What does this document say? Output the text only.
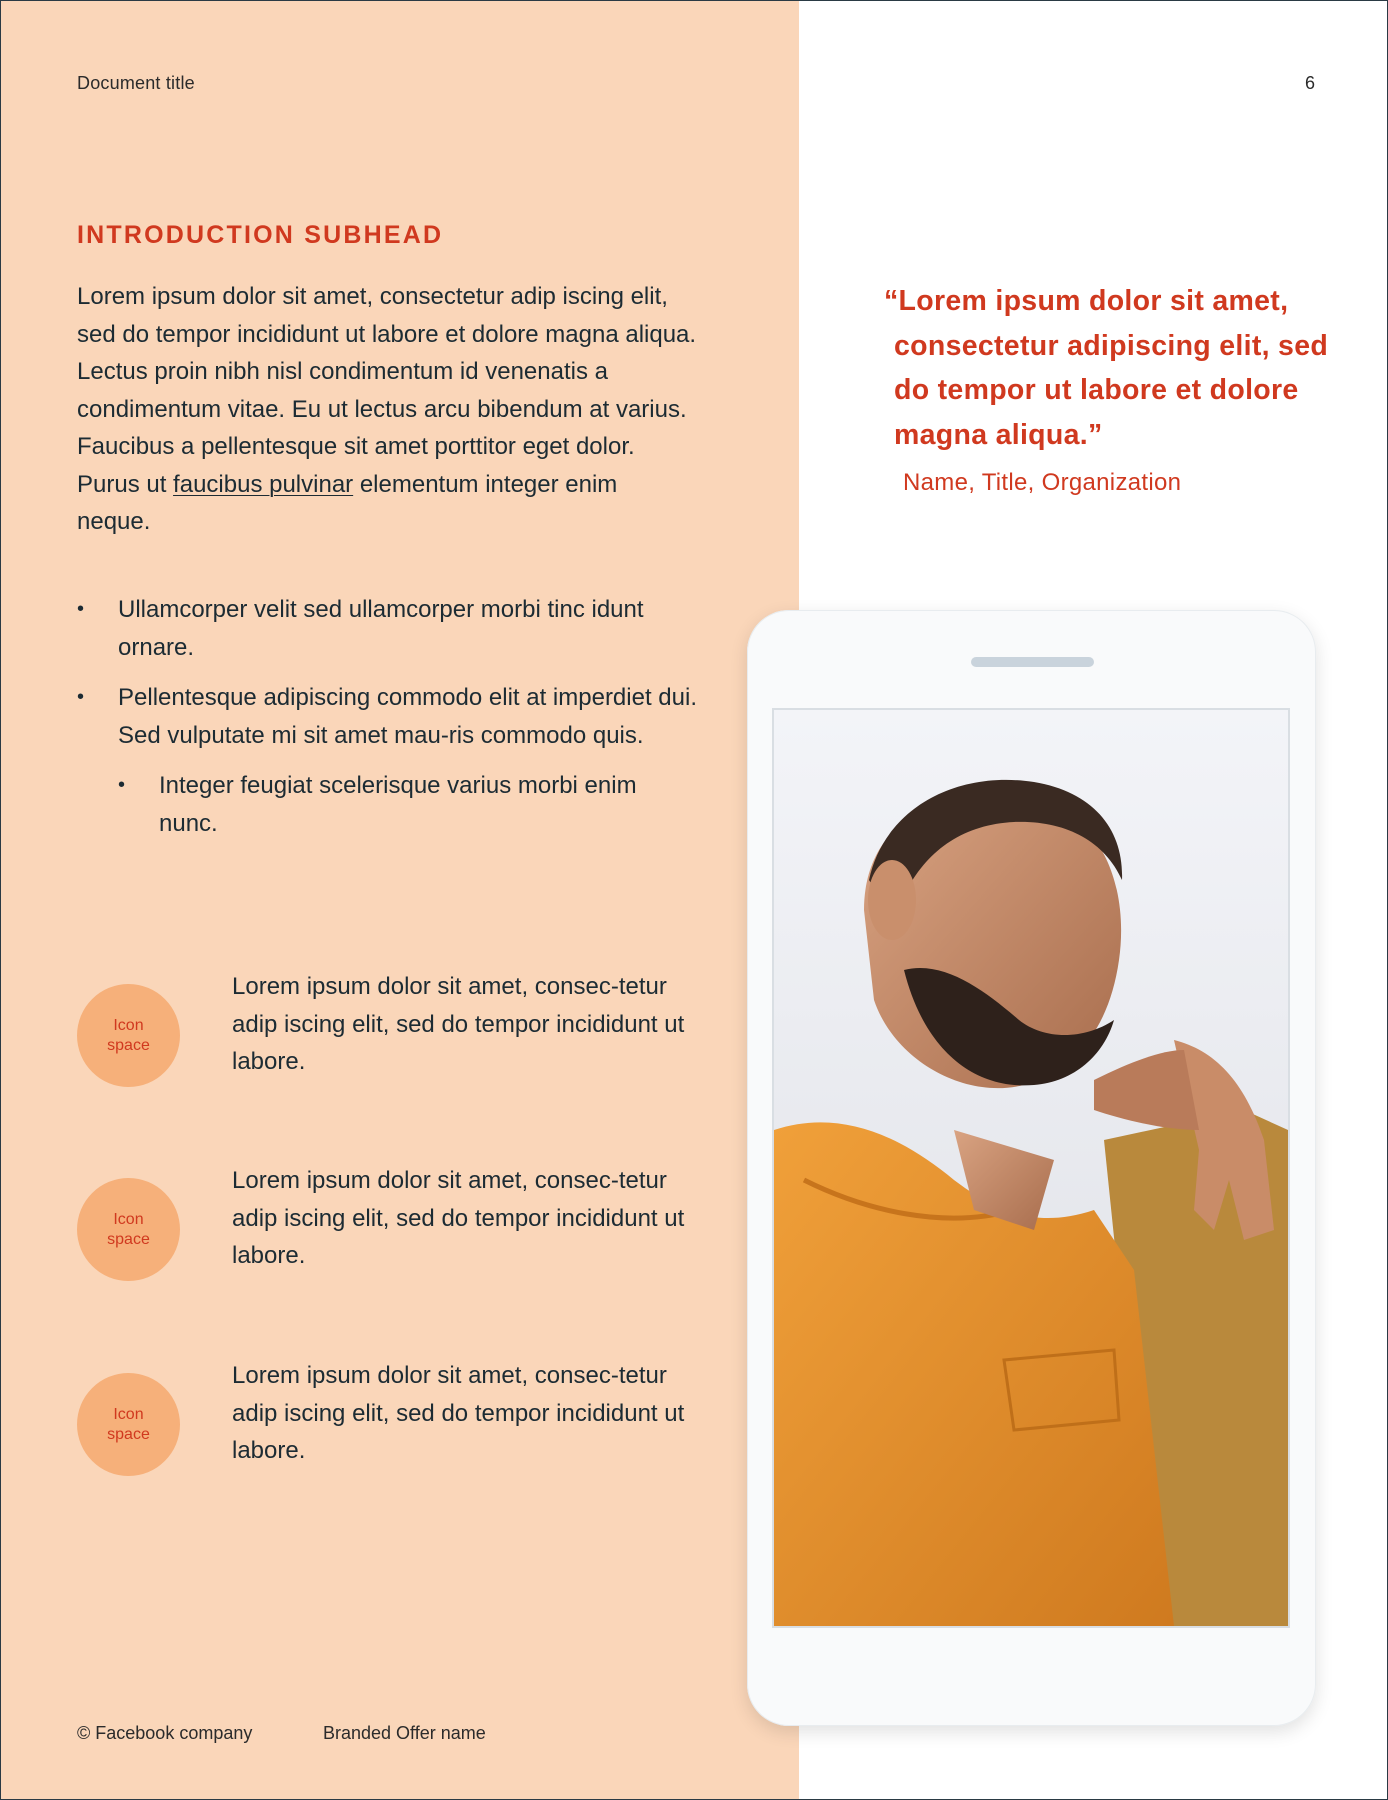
Document title	6
INTRODUCTION SUBHEAD

Lorem ipsum dolor sit amet, consectetur adip iscing elit, sed do tempor incididunt ut labore et dolore magna aliqua. Lectus proin nibh nisl condimentum id venenatis a condimentum vitae. Eu ut lectus arcu bibendum at varius. Faucibus a pellentesque sit amet porttitor eget dolor. Purus ut faucibus pulvinar elementum integer enim neque.

• Ullamcorper velit sed ullamcorper morbi tinc idunt ornare.
• Pellentesque adipiscing commodo elit at imperdiet dui. Sed vulputate mi sit amet mau-ris commodo quis.
• Integer feugiat scelerisque varius morbi enim nunc.
Icon
space
Lorem ipsum dolor sit amet, consec-tetur adip iscing elit, sed do tempor incididunt ut labore.
Icon
space
Lorem ipsum dolor sit amet, consec-tetur adip iscing elit, sed do tempor incididunt ut labore.
Icon
space
Lorem ipsum dolor sit amet, consec-tetur adip iscing elit, sed do tempor incididunt ut labore.
“Lorem ipsum dolor sit amet, consectetur adipiscing elit, sed do tempor ut labore et dolore magna aliqua.”
Name, Title, Organization
© Facebook company	Branded Offer name
